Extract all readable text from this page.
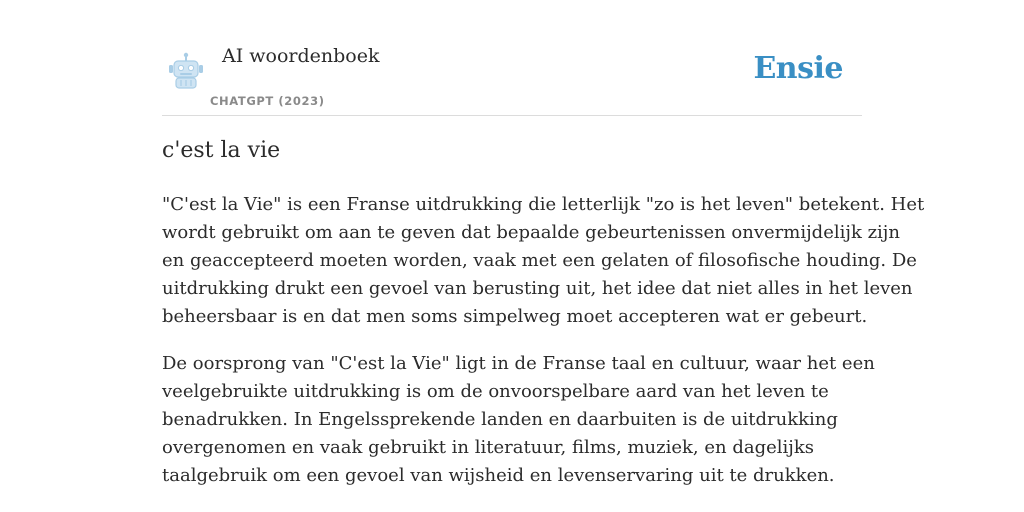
AI woordenboek
CHATGPT (2023)
Ensie
c'est la vie

"C'est la Vie" is een Franse uitdrukking die letterlijk "zo is het leven" betekent. Het
wordt gebruikt om aan te geven dat bepaalde gebeurtenissen onvermijdelijk zijn
en geaccepteerd moeten worden, vaak met een gelaten of filosofische houding. De
uitdrukking drukt een gevoel van berusting uit, het idee dat niet alles in het leven
beheersbaar is en dat men soms simpelweg moet accepteren wat er gebeurt.

De oorsprong van "C'est la Vie" ligt in de Franse taal en cultuur, waar het een
veelgebruikte uitdrukking is om de onvoorspelbare aard van het leven te
benadrukken. In Engelssprekende landen en daarbuiten is de uitdrukking
overgenomen en vaak gebruikt in literatuur, films, muziek, en dagelijks
taalgebruik om een gevoel van wijsheid en levenservaring uit te drukken.
